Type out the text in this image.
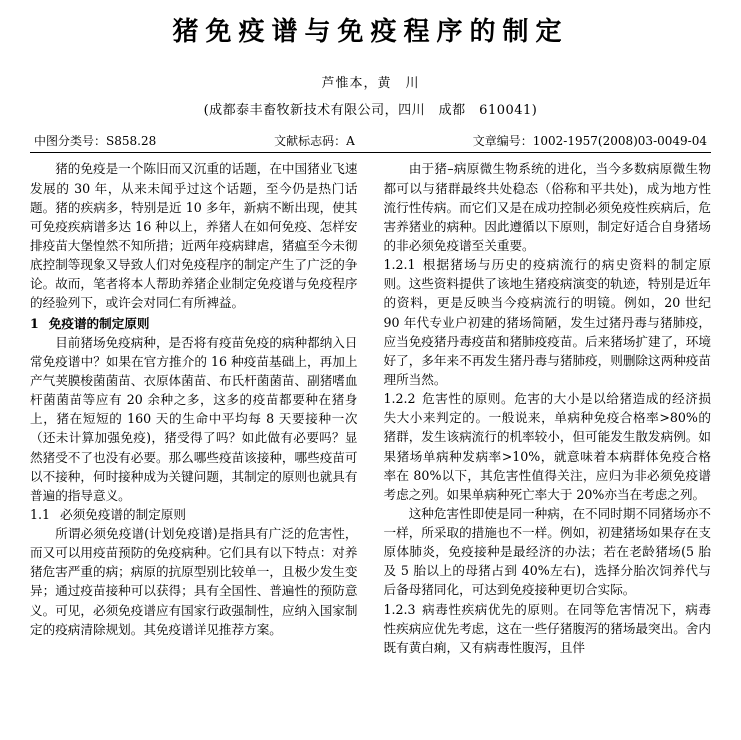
猪免疫谱与免疫程序的制定
芦惟本，黄　川
(成都泰丰畜牧新技术有限公司，四川　成都　610041)
中图分类号：S858.28	文献标志码：A	文章编号：1002-1957(2008)03-0049-04

猪的免疫是一个陈旧而又沉重的话题，在中国猪业飞速发展的 30 年，从来未闻乎过这个话题，至今仍是热门话题。猪的疾病多，特别是近 10 多年，新病不断出现，使其可免疫疾病谱多达 16 种以上，养猪人在如何免疫、怎样安排疫苗大堡惶然不知所措；近两年疫病肆虐，猪瘟至今未彻底控制等现象又导致人们对免疫程序的制定产生了广泛的争论。故而，笔者将本人帮助养猪企业制定免疫谱与免疫程序的经验列下，或许会对同仁有所裨益。

1 免疫谱的制定原则

目前猪场免疫病种，是否将有疫苗免疫的病种都纳入日常免疫谱中？如果在官方推介的 16 种疫苗基础上，再加上产气荚膜梭菌菌苗、衣原体菌苗、布氏杆菌菌苗、副猪嗜血杆菌菌苗等应有 20 余种之多，这多的疫苗都要种在猪身上，猪在短短的 160 天的生命中平均每 8 天要接种一次（还未计算加强免疫)，猪受得了吗？如此做有必要吗？显然猪受不了也没有必要。那么哪些疫苗该接种，哪些疫苗可以不接种，何时接种成为关键问题，其制定的原则也就具有普遍的指导意义。

1.1 必须免疫谱的制定原则

所谓必须免疫谱(计划免疫谱)是指具有广泛的危害性，而又可以用疫苗预防的免疫病种。它们具有以下特点：对养猪危害严重的病；病原的抗原型别比较单一，且极少发生变异；通过疫苗接种可以获得；具有全国性、普遍性的预防意义。可见，必须免疫谱应有国家行政强制性，应纳入国家制定的疫病清除规划。其免疫谱详见推荐方案。

由于猪–病原微生物系统的进化，当今多数病原微生物都可以与猪群最终共处稳态（俗称和平共处)，成为地方性流行性传病。而它们又是在成功控制必须免疫性疾病后，危害养猪业的病种。因此遵循以下原则，制定好适合自身猪场的非必须免疫谱至关重要。

1.2.1 根据猪场与历史的疫病流行的病史资料的制定原则。这些资料提供了该地生猪疫病演变的轨迹，特别是近年的资料，更是反映当今疫病流行的明镜。例如，20 世纪 90 年代专业户初建的猪场简陋，发生过猪丹毒与猪肺疫，应当免疫猪丹毒疫苗和猪肺疫疫苗。后来猪场扩建了，环境好了，多年来不再发生猪丹毒与猪肺疫，则删除这两种疫苗理所当然。

1.2.2 危害性的原则。危害的大小是以给猪造成的经济损失大小来判定的。一般说来，单病种免疫合格率>80%的猪群，发生该病流行的机率较小，但可能发生散发病例。如果猪场单病种发病率>10%，就意味着本病群体免疫合格率在 80%以下，其危害性值得关注，应归为非必须免疫谱考虑之列。如果单病种死亡率大于 20%亦当在考虑之列。

这种危害性即使是同一种病，在不同时期不同猪场亦不一样，所采取的措施也不一样。例如，初建猪场如果存在支原体肺炎，免疫接种是最经济的办法；若在老龄猪场(5 胎及 5 胎以上的母猪占到 40%左右)，选择分胎次饲养代与后备母猪同化，可达到免疫接种更切合实际。

1.2.3 病毒性疾病优先的原则。在同等危害情况下，病毒性疾病应优先考虑，这在一些仔猪腹泻的猪场最突出。舍内既有黄白痢，又有病毒性腹泻，且伴
